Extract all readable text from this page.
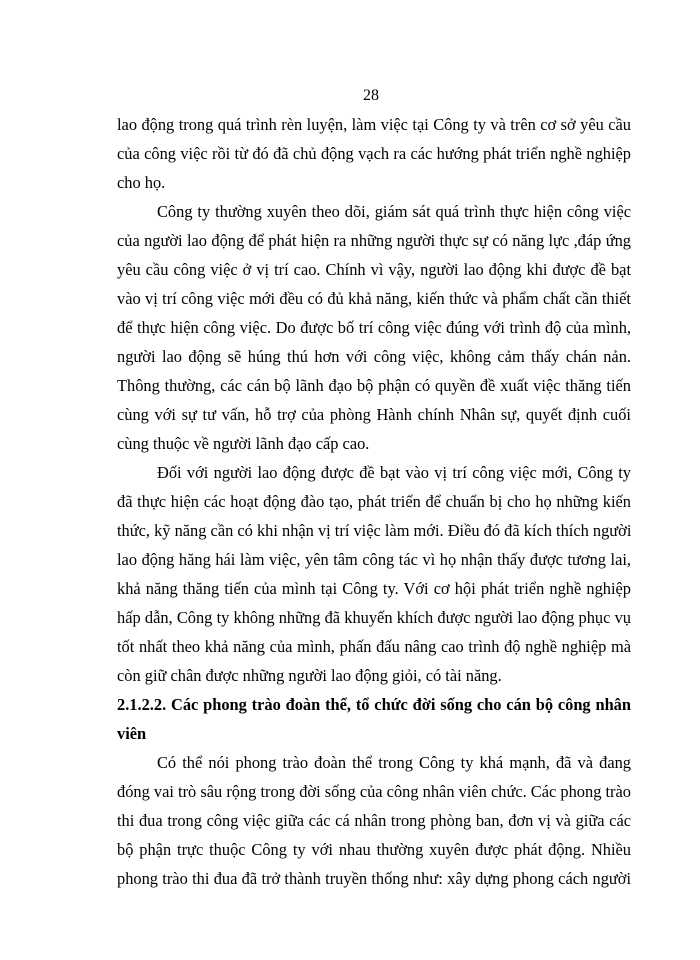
28
lao động trong quá trình rèn luyện, làm việc tại Công ty và trên cơ sở yêu cầu
của công việc rồi từ đó đã chủ động vạch ra các hướng phát triển nghề nghiệp
cho họ.
Công ty thường xuyên theo dõi, giám sát quá trình thực hiện công việc
của người lao động để phát hiện ra những người thực sự có năng lực ,đáp ứng
yêu cầu công việc ở vị trí cao. Chính vì vậy, người lao động khi được đề bạt
vào vị trí công việc mới đều có đủ khả năng, kiến thức và phẩm chất cần thiết
để thực hiện công việc. Do được bố trí công việc đúng với trình độ của mình,
người lao động sẽ húng thú hơn với công việc, không cảm thấy chán nản.
Thông thường, các cán bộ lãnh đạo bộ phận có quyền đề xuất việc thăng tiến
cùng với sự tư vấn, hỗ trợ của phòng Hành chính Nhân sự, quyết định cuối
cùng thuộc về người lãnh đạo cấp cao.
Đối với người lao động được đề bạt vào vị trí công việc mới, Công ty
đã thực hiện các hoạt động đào tạo, phát triển để chuẩn bị cho họ những kiến
thức, kỹ năng cần có khi nhận vị trí việc làm mới. Điều đó đã kích thích người
lao động hăng hái làm việc, yên tâm công tác vì họ nhận thấy được tương lai,
khả năng thăng tiến của mình tại Công ty. Với cơ hội phát triển nghề nghiệp
hấp dẫn, Công ty không những đã khuyến khích được người lao động phục vụ
tốt nhất theo khả năng của mình, phấn đấu nâng cao trình độ nghề nghiệp mà
còn giữ chân được những người lao động giỏi, có tài năng.
2.1.2.2. Các phong trào đoàn thể, tổ chức đời sống cho cán bộ công nhân
viên
Có thể nói phong trào đoàn thể trong Công ty khá mạnh, đã và đang
đóng vai trò sâu rộng trong đời sống của công nhân viên chức. Các phong trào
thi đua trong công việc giữa các cá nhân trong phòng ban, đơn vị và giữa các
bộ phận trực thuộc Công ty với nhau thường xuyên được phát động. Nhiều
phong trào thi đua đã trở thành truyền thống như: xây dựng phong cách người
